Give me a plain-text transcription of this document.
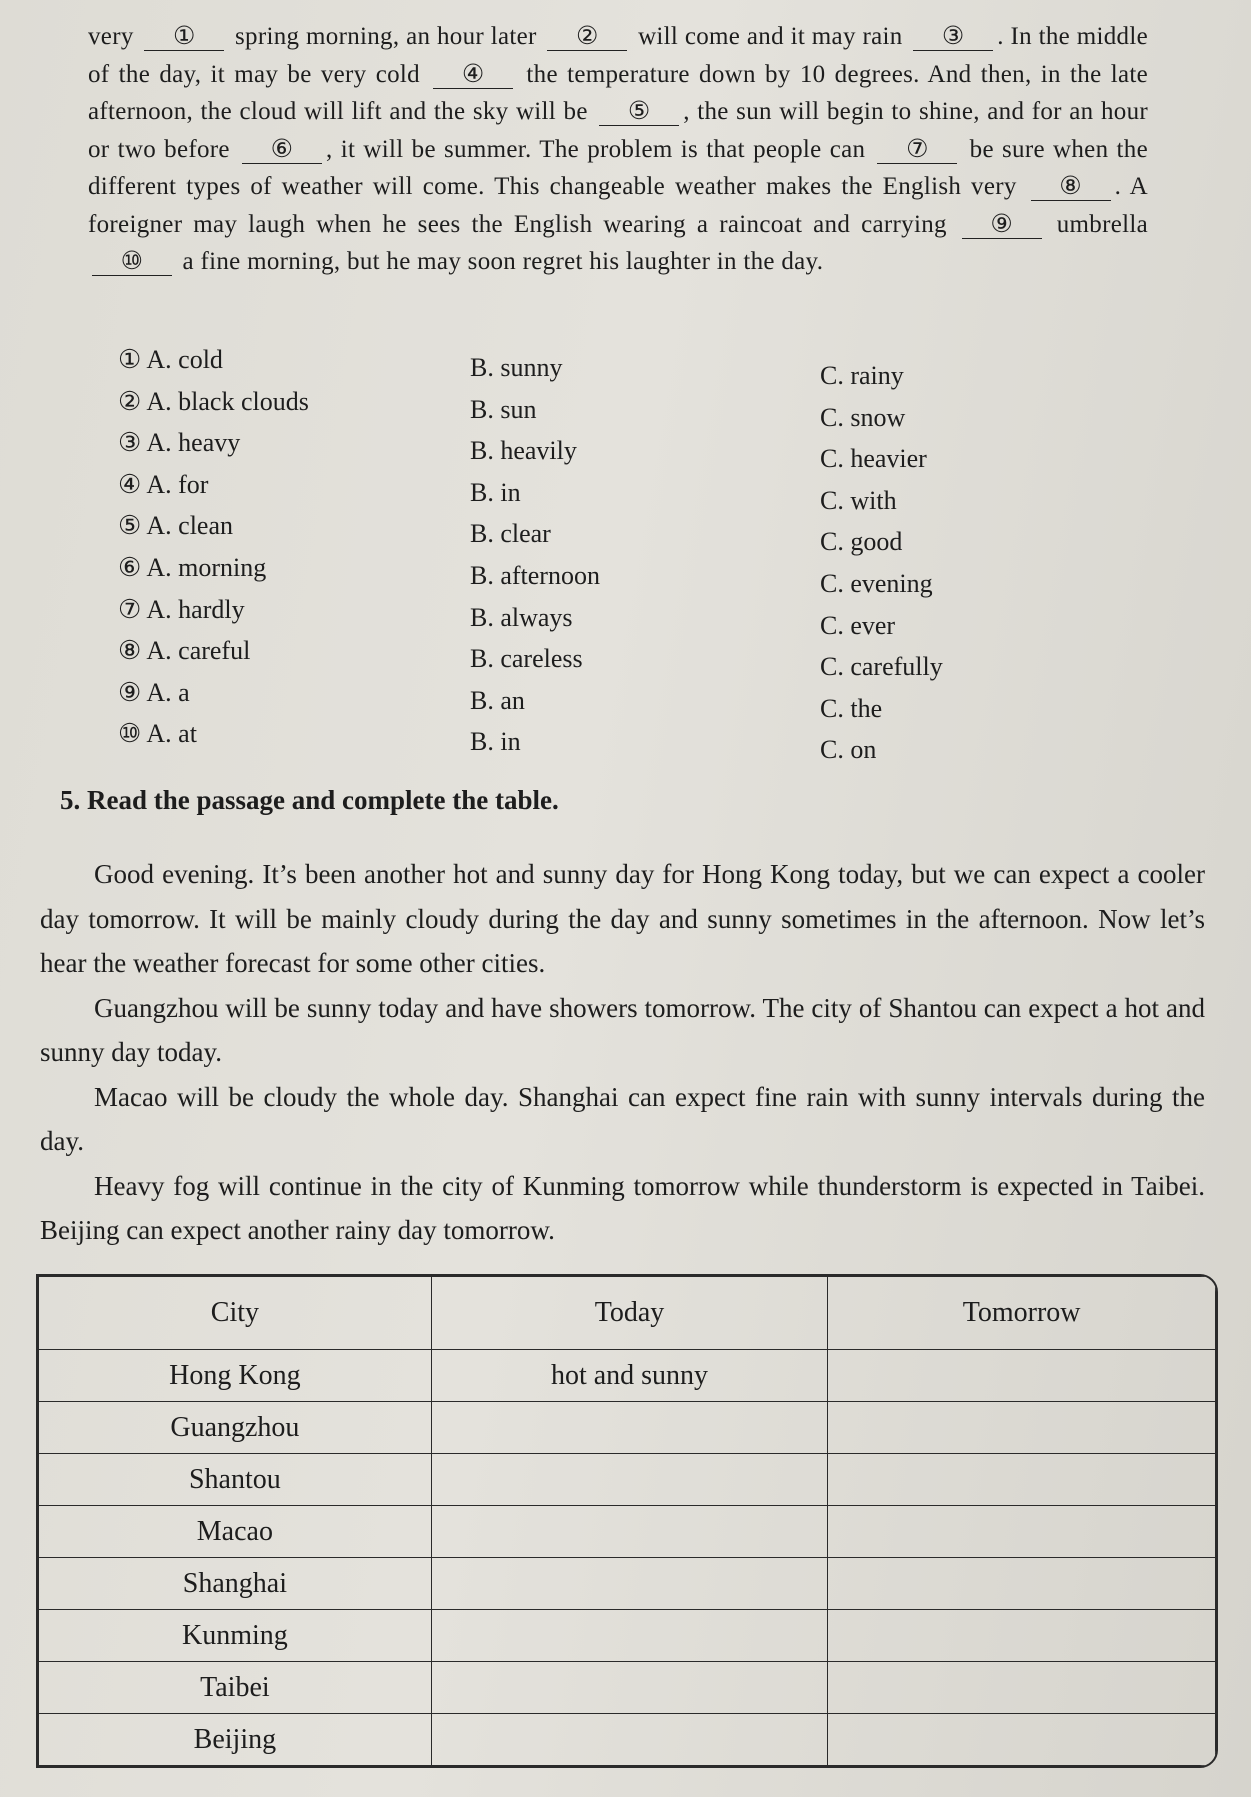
very ① spring morning, an hour later ② will come and it may rain ③ . In the middle of the day, it may be very cold ④ the temperature down by 10 degrees. And then, in the late afternoon, the cloud will lift and the sky will be ⑤ , the sun will begin to shine, and for an hour or two before ⑥ , it will be summer. The problem is that people can ⑦ be sure when the different types of weather will come. This changeable weather makes the English very ⑧ . A foreigner may laugh when he sees the English wearing a raincoat and carrying ⑨ umbrella ⑩ a fine morning, but he may soon regret his laughter in the day.

① A. cold	B. sunny	C. rainy
② A. black clouds	B. sun	C. snow
③ A. heavy	B. heavily	C. heavier
④ A. for	B. in	C. with
⑤ A. clean	B. clear	C. good
⑥ A. morning	B. afternoon	C. evening
⑦ A. hardly	B. always	C. ever
⑧ A. careful	B. careless	C. carefully
⑨ A. a	B. an	C. the
⑩ A. at	B. in	C. on
5. Read the passage and complete the table.

Good evening. It’s been another hot and sunny day for Hong Kong today, but we can expect a cooler day tomorrow. It will be mainly cloudy during the day and sunny sometimes in the afternoon. Now let’s hear the weather forecast for some other cities.

Guangzhou will be sunny today and have showers tomorrow. The city of Shantou can expect a hot and sunny day today.

Macao will be cloudy the whole day. Shanghai can expect fine rain with sunny intervals during the day.

Heavy fog will continue in the city of Kunming tomorrow while thunderstorm is expected in Taibei. Beijing can expect another rainy day tomorrow.

City	Today	Tomorrow
Hong Kong	hot and sunny	
Guangzhou		
Shantou		
Macao		
Shanghai		
Kunming		
Taibei		
Beijing		
